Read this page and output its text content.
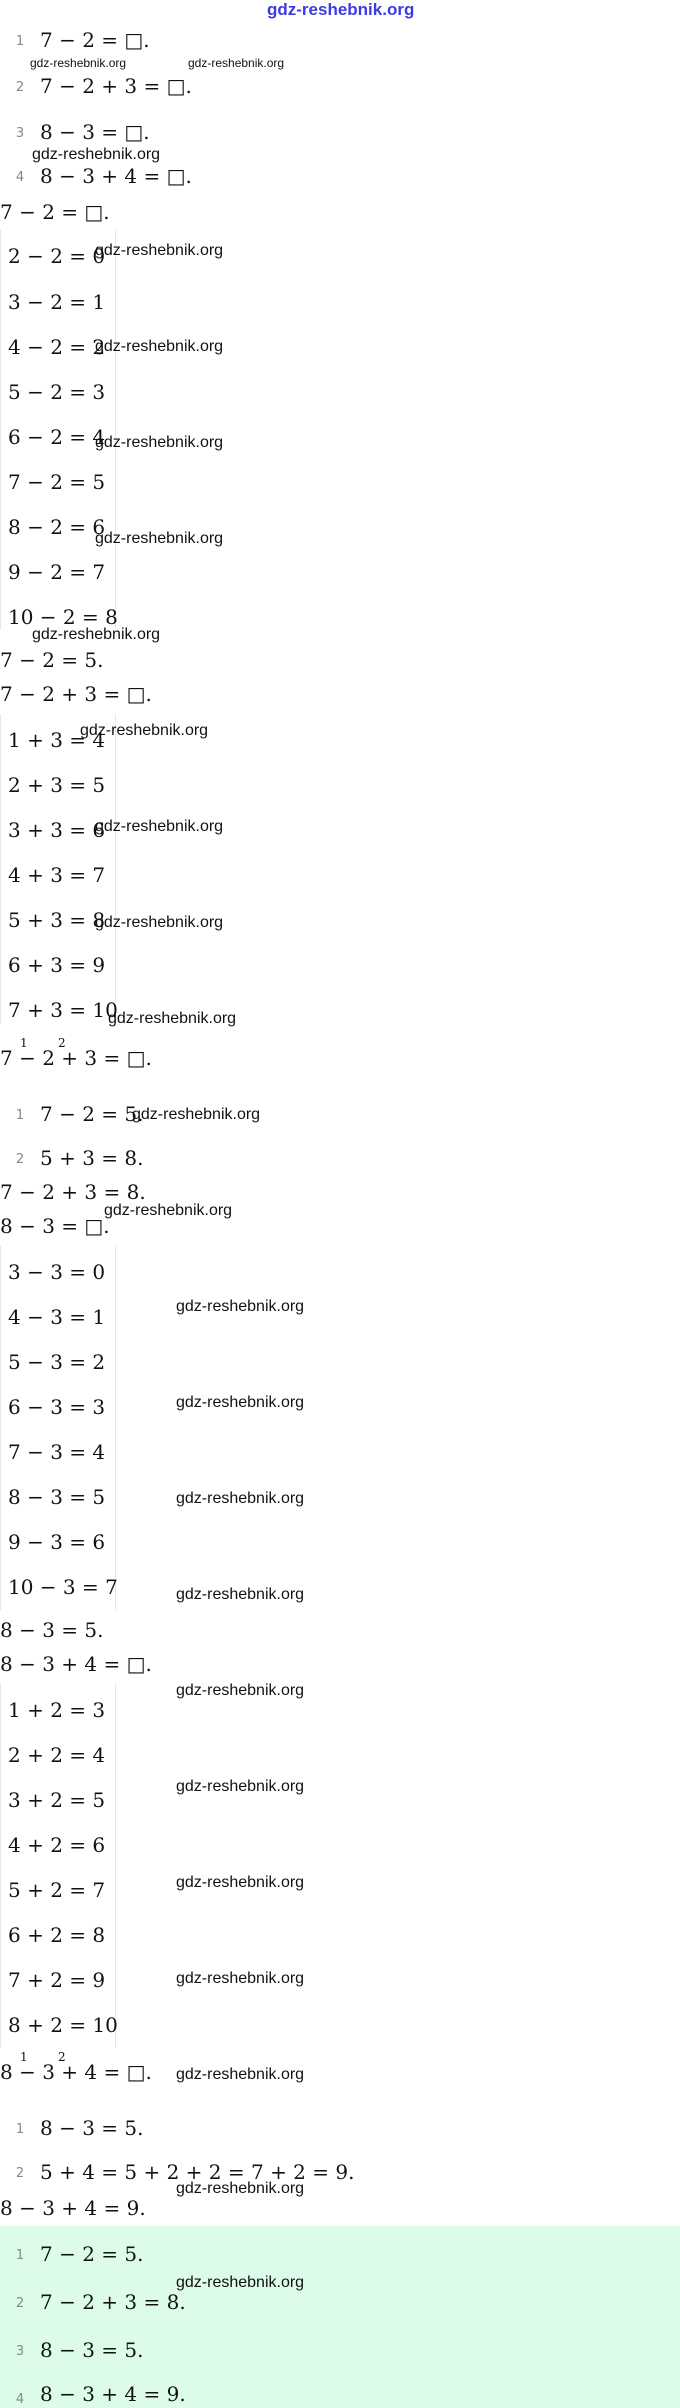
gdz-reshebnik.org
1 7 − 2 = □.
gdz-reshebnik.org	gdz-reshebnik.org
2 7 − 2 + 3 = □.
3 8 − 3 = □.
gdz-reshebnik.org
4 8 − 3 + 4 = □.
7 − 2 = □.
2 − 2 = 0
3 − 2 = 1
4 − 2 = 2
5 − 2 = 3
6 − 2 = 4
7 − 2 = 5
8 − 2 = 6
9 − 2 = 7
10 − 2 = 8
gdz-reshebnik.org
gdz-reshebnik.org
gdz-reshebnik.org
gdz-reshebnik.org
gdz-reshebnik.org
7 − 2 = 5.
7 − 2 + 3 = □.
1 + 3 = 4
2 + 3 = 5
3 + 3 = 6
4 + 3 = 7
5 + 3 = 8
6 + 3 = 9
7 + 3 = 10
gdz-reshebnik.org
gdz-reshebnik.org
gdz-reshebnik.org
gdz-reshebnik.org
1	2
7 − 2 + 3 = □.
1 7 − 2 = 5.
gdz-reshebnik.org
2 5 + 3 = 8.
7 − 2 + 3 = 8.
gdz-reshebnik.org
8 − 3 = □.
3 − 3 = 0
4 − 3 = 1
5 − 3 = 2
6 − 3 = 3
7 − 3 = 4
8 − 3 = 5
9 − 3 = 6
10 − 3 = 7
gdz-reshebnik.org
gdz-reshebnik.org
gdz-reshebnik.org
gdz-reshebnik.org
8 − 3 = 5.
8 − 3 + 4 = □.
1 + 2 = 3
2 + 2 = 4
3 + 2 = 5
4 + 2 = 6
5 + 2 = 7
6 + 2 = 8
7 + 2 = 9
8 + 2 = 10
gdz-reshebnik.org
gdz-reshebnik.org
gdz-reshebnik.org
gdz-reshebnik.org
1	2
8 − 3 + 4 = □. gdz-reshebnik.org
1 8 − 3 = 5.
2 5 + 4 = 5 + 2 + 2 = 7 + 2 = 9.
gdz-reshebnik.org
8 − 3 + 4 = 9.
1 7 − 2 = 5.
2 7 − 2 + 3 = 8.
gdz-reshebnik.org
3 8 − 3 = 5.
4 8 − 3 + 4 = 9.
